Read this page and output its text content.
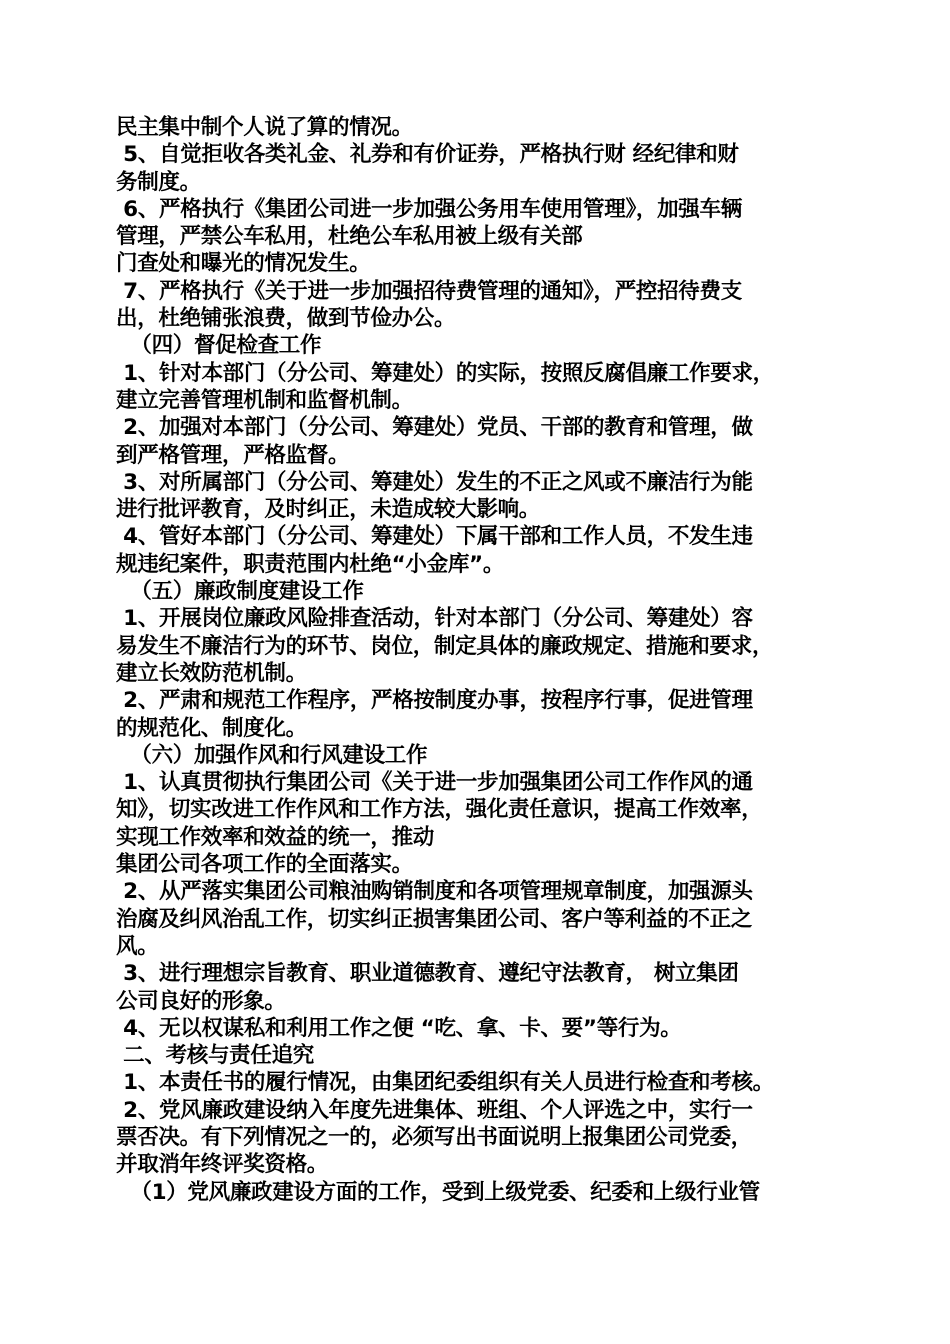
民主集中制个人说了算的情况。
5、自觉拒收各类礼金、礼券和有价证券，严格执行财 经纪律和财
务制度。
6、严格执行《集团公司进一步加强公务用车使用管理》，加强车辆
管理，严禁公车私用，杜绝公车私用被上级有关部
门查处和曝光的情况发生。
7、严格执行《关于进一步加强招待费管理的通知》，严控招待费支
出，杜绝铺张浪费，做到节俭办公。
（四）督促检查工作
1、针对本部门（分公司、筹建处）的实际，按照反腐倡廉工作要求，
建立完善管理机制和监督机制。
2、加强对本部门（分公司、筹建处）党员、干部的教育和管理，做
到严格管理，严格监督。
3、对所属部门（分公司、筹建处）发生的不正之风或不廉洁行为能
进行批评教育，及时纠正，未造成较大影响。
4、管好本部门（分公司、筹建处）下属干部和工作人员，不发生违
规违纪案件，职责范围内杜绝“小金库”。
（五）廉政制度建设工作
1、开展岗位廉政风险排查活动，针对本部门（分公司、筹建处）容
易发生不廉洁行为的环节、岗位，制定具体的廉政规定、措施和要求，
建立长效防范机制。
2、严肃和规范工作程序，严格按制度办事，按程序行事，促进管理
的规范化、制度化。
（六）加强作风和行风建设工作
1、认真贯彻执行集团公司《关于进一步加强集团公司工作作风的通
知》，切实改进工作作风和工作方法，强化责任意识，提高工作效率，
实现工作效率和效益的统一，推动
集团公司各项工作的全面落实。
2、从严落实集团公司粮油购销制度和各项管理规章制度，加强源头
治腐及纠风治乱工作，切实纠正损害集团公司、客户等利益的不正之
风。
3、进行理想宗旨教育、职业道德教育、遵纪守法教育， 树立集团
公司良好的形象。
4、无以权谋私和利用工作之便 “吃、拿、卡、要”等行为。
二、考核与责任追究
1、本责任书的履行情况，由集团纪委组织有关人员进行检查和考核。
2、党风廉政建设纳入年度先进集体、班组、个人评选之中，实行一
票否决。有下列情况之一的，必须写出书面说明上报集团公司党委，
并取消年终评奖资格。
（1）党风廉政建设方面的工作，受到上级党委、纪委和上级行业管
